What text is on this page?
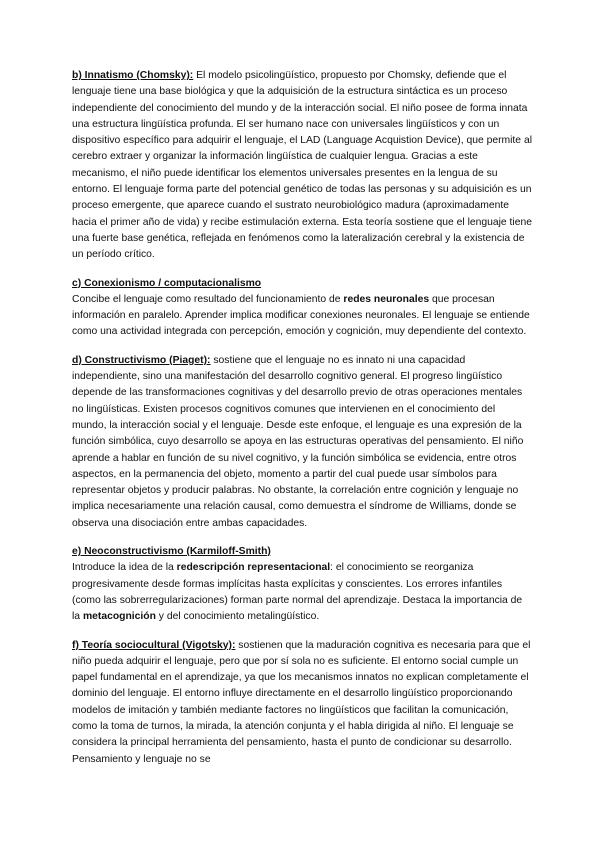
b) Innatismo (Chomsky): El modelo psicolingüístico, propuesto por Chomsky, defiende que el lenguaje tiene una base biológica y que la adquisición de la estructura sintáctica es un proceso independiente del conocimiento del mundo y de la interacción social. El niño posee de forma innata una estructura lingüística profunda. El ser humano nace con universales lingüísticos y con un dispositivo específico para adquirir el lenguaje, el LAD (Language Acquistion Device), que permite al cerebro extraer y organizar la información lingüística de cualquier lengua. Gracias a este mecanismo, el niño puede identificar los elementos universales presentes en la lengua de su entorno. El lenguaje forma parte del potencial genético de todas las personas y su adquisición es un proceso emergente, que aparece cuando el sustrato neurobiológico madura (aproximadamente hacia el primer año de vida) y recibe estimulación externa. Esta teoría sostiene que el lenguaje tiene una fuerte base genética, reflejada en fenómenos como la lateralización cerebral y la existencia de un período crítico.

c) Conexionismo / computacionalismo
Concibe el lenguaje como resultado del funcionamiento de redes neuronales que procesan información en paralelo. Aprender implica modificar conexiones neuronales. El lenguaje se entiende como una actividad integrada con percepción, emoción y cognición, muy dependiente del contexto.

d) Constructivismo (Piaget): sostiene que el lenguaje no es innato ni una capacidad independiente, sino una manifestación del desarrollo cognitivo general. El progreso lingüístico depende de las transformaciones cognitivas y del desarrollo previo de otras operaciones mentales no lingüísticas. Existen procesos cognitivos comunes que intervienen en el conocimiento del mundo, la interacción social y el lenguaje. Desde este enfoque, el lenguaje es una expresión de la función simbólica, cuyo desarrollo se apoya en las estructuras operativas del pensamiento. El niño aprende a hablar en función de su nivel cognitivo, y la función simbólica se evidencia, entre otros aspectos, en la permanencia del objeto, momento a partir del cual puede usar símbolos para representar objetos y producir palabras. No obstante, la correlación entre cognición y lenguaje no implica necesariamente una relación causal, como demuestra el síndrome de Williams, donde se observa una disociación entre ambas capacidades.

e) Neoconstructivismo (Karmiloff-Smith)
Introduce la idea de la redescripción representacional: el conocimiento se reorganiza progresivamente desde formas implícitas hasta explícitas y conscientes. Los errores infantiles (como las sobrerregularizaciones) forman parte normal del aprendizaje. Destaca la importancia de la metacognición y del conocimiento metalingüístico.

f) Teoría sociocultural (Vigotsky): sostienen que la maduración cognitiva es necesaria para que el niño pueda adquirir el lenguaje, pero que por sí sola no es suficiente. El entorno social cumple un papel fundamental en el aprendizaje, ya que los mecanismos innatos no explican completamente el dominio del lenguaje. El entorno influye directamente en el desarrollo lingüístico proporcionando modelos de imitación y también mediante factores no lingüísticos que facilitan la comunicación, como la toma de turnos, la mirada, la atención conjunta y el habla dirigida al niño. El lenguaje se considera la principal herramienta del pensamiento, hasta el punto de condicionar su desarrollo. Pensamiento y lenguaje no se
